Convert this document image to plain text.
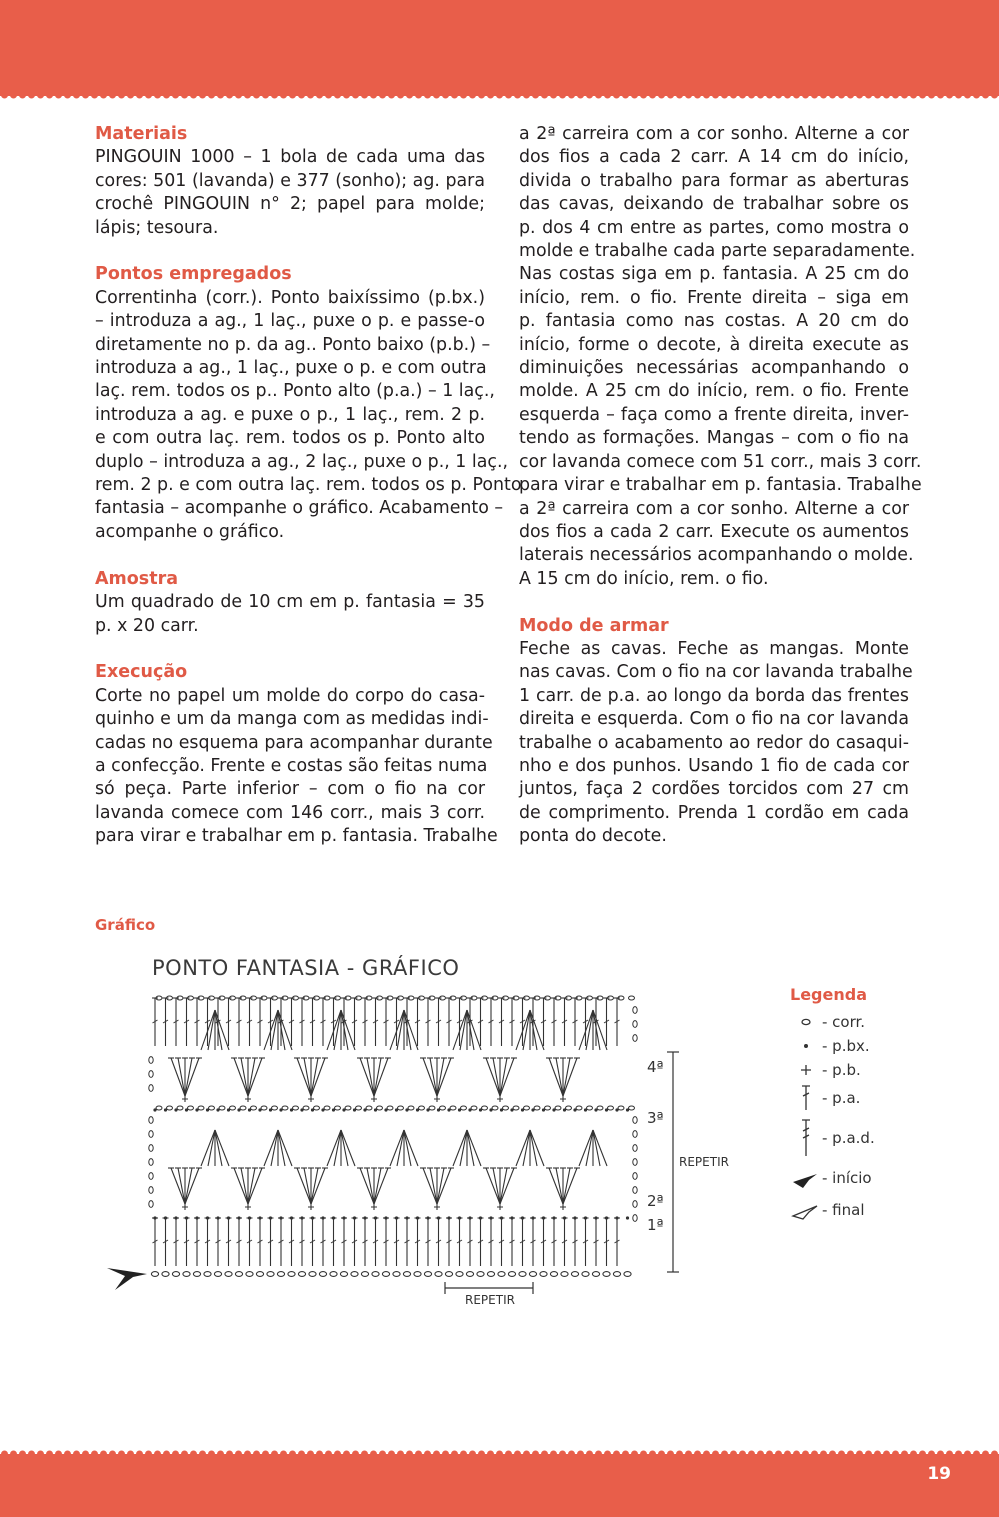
19
Materiais
PINGOUIN 1000 – 1 bola de cada uma das
cores: 501 (lavanda) e 377 (sonho); ag. para
crochê PINGOUIN n° 2; papel para molde;
lápis; tesoura.
Pontos empregados
Correntinha (corr.). Ponto baixíssimo (p.bx.)
– introduza a ag., 1 laç., puxe o p. e passe-o
diretamente no p. da ag.. Ponto baixo (p.b.) –
introduza a ag., 1 laç., puxe o p. e com outra
laç. rem. todos os p.. Ponto alto (p.a.) – 1 laç.,
introduza a ag. e puxe o p., 1 laç., rem. 2 p.
e com outra laç. rem. todos os p. Ponto alto
duplo – introduza a ag., 2 laç., puxe o p., 1 laç.,
rem. 2 p. e com outra laç. rem. todos os p. Ponto
fantasia – acompanhe o gráfico. Acabamento –
acompanhe o gráfico.
Amostra
Um quadrado de 10 cm em p. fantasia = 35
p. x 20 carr.
Execução
Corte no papel um molde do corpo do casa-
quinho e um da manga com as medidas indi-
cadas no esquema para acompanhar durante
a confecção. Frente e costas são feitas numa
só peça. Parte inferior – com o fio na cor
lavanda comece com 146 corr., mais 3 corr.
para virar e trabalhar em p. fantasia. Trabalhe
a 2ª carreira com a cor sonho. Alterne a cor
dos fios a cada 2 carr. A 14 cm do início,
divida o trabalho para formar as aberturas
das cavas, deixando de trabalhar sobre os
p. dos 4 cm entre as partes, como mostra o
molde e trabalhe cada parte separadamente.
Nas costas siga em p. fantasia. A 25 cm do
início, rem. o fio. Frente direita – siga em
p. fantasia como nas costas. A 20 cm do
início, forme o decote, à direita execute as
diminuições necessárias acompanhando o
molde. A 25 cm do início, rem. o fio. Frente
esquerda – faça como a frente direita, inver-
tendo as formações. Mangas – com o fio na
cor lavanda comece com 51 corr., mais 3 corr.
para virar e trabalhar em p. fantasia. Trabalhe
a 2ª carreira com a cor sonho. Alterne a cor
dos fios a cada 2 carr. Execute os aumentos
laterais necessários acompanhando o molde.
A 15 cm do início, rem. o fio.
Modo de armar
Feche as cavas. Feche as mangas. Monte
nas cavas. Com o fio na cor lavanda trabalhe
1 carr. de p.a. ao longo da borda das frentes
direita e esquerda. Com o fio na cor lavanda
trabalhe o acabamento ao redor do casaqui-
nho e dos punhos. Usando 1 fio de cada cor
juntos, faça 2 cordões torcidos com 27 cm
de comprimento. Prenda 1 cordão em cada
ponta do decote.
Gráfico
PONTO FANTASIA - GRÁFICO
REPETIR
4ª
3ª
2ª
1ª
REPETIR
Legenda
- corr.
- p.bx.
- p.b.
- p.a.
- p.a.d.
- início
- final
